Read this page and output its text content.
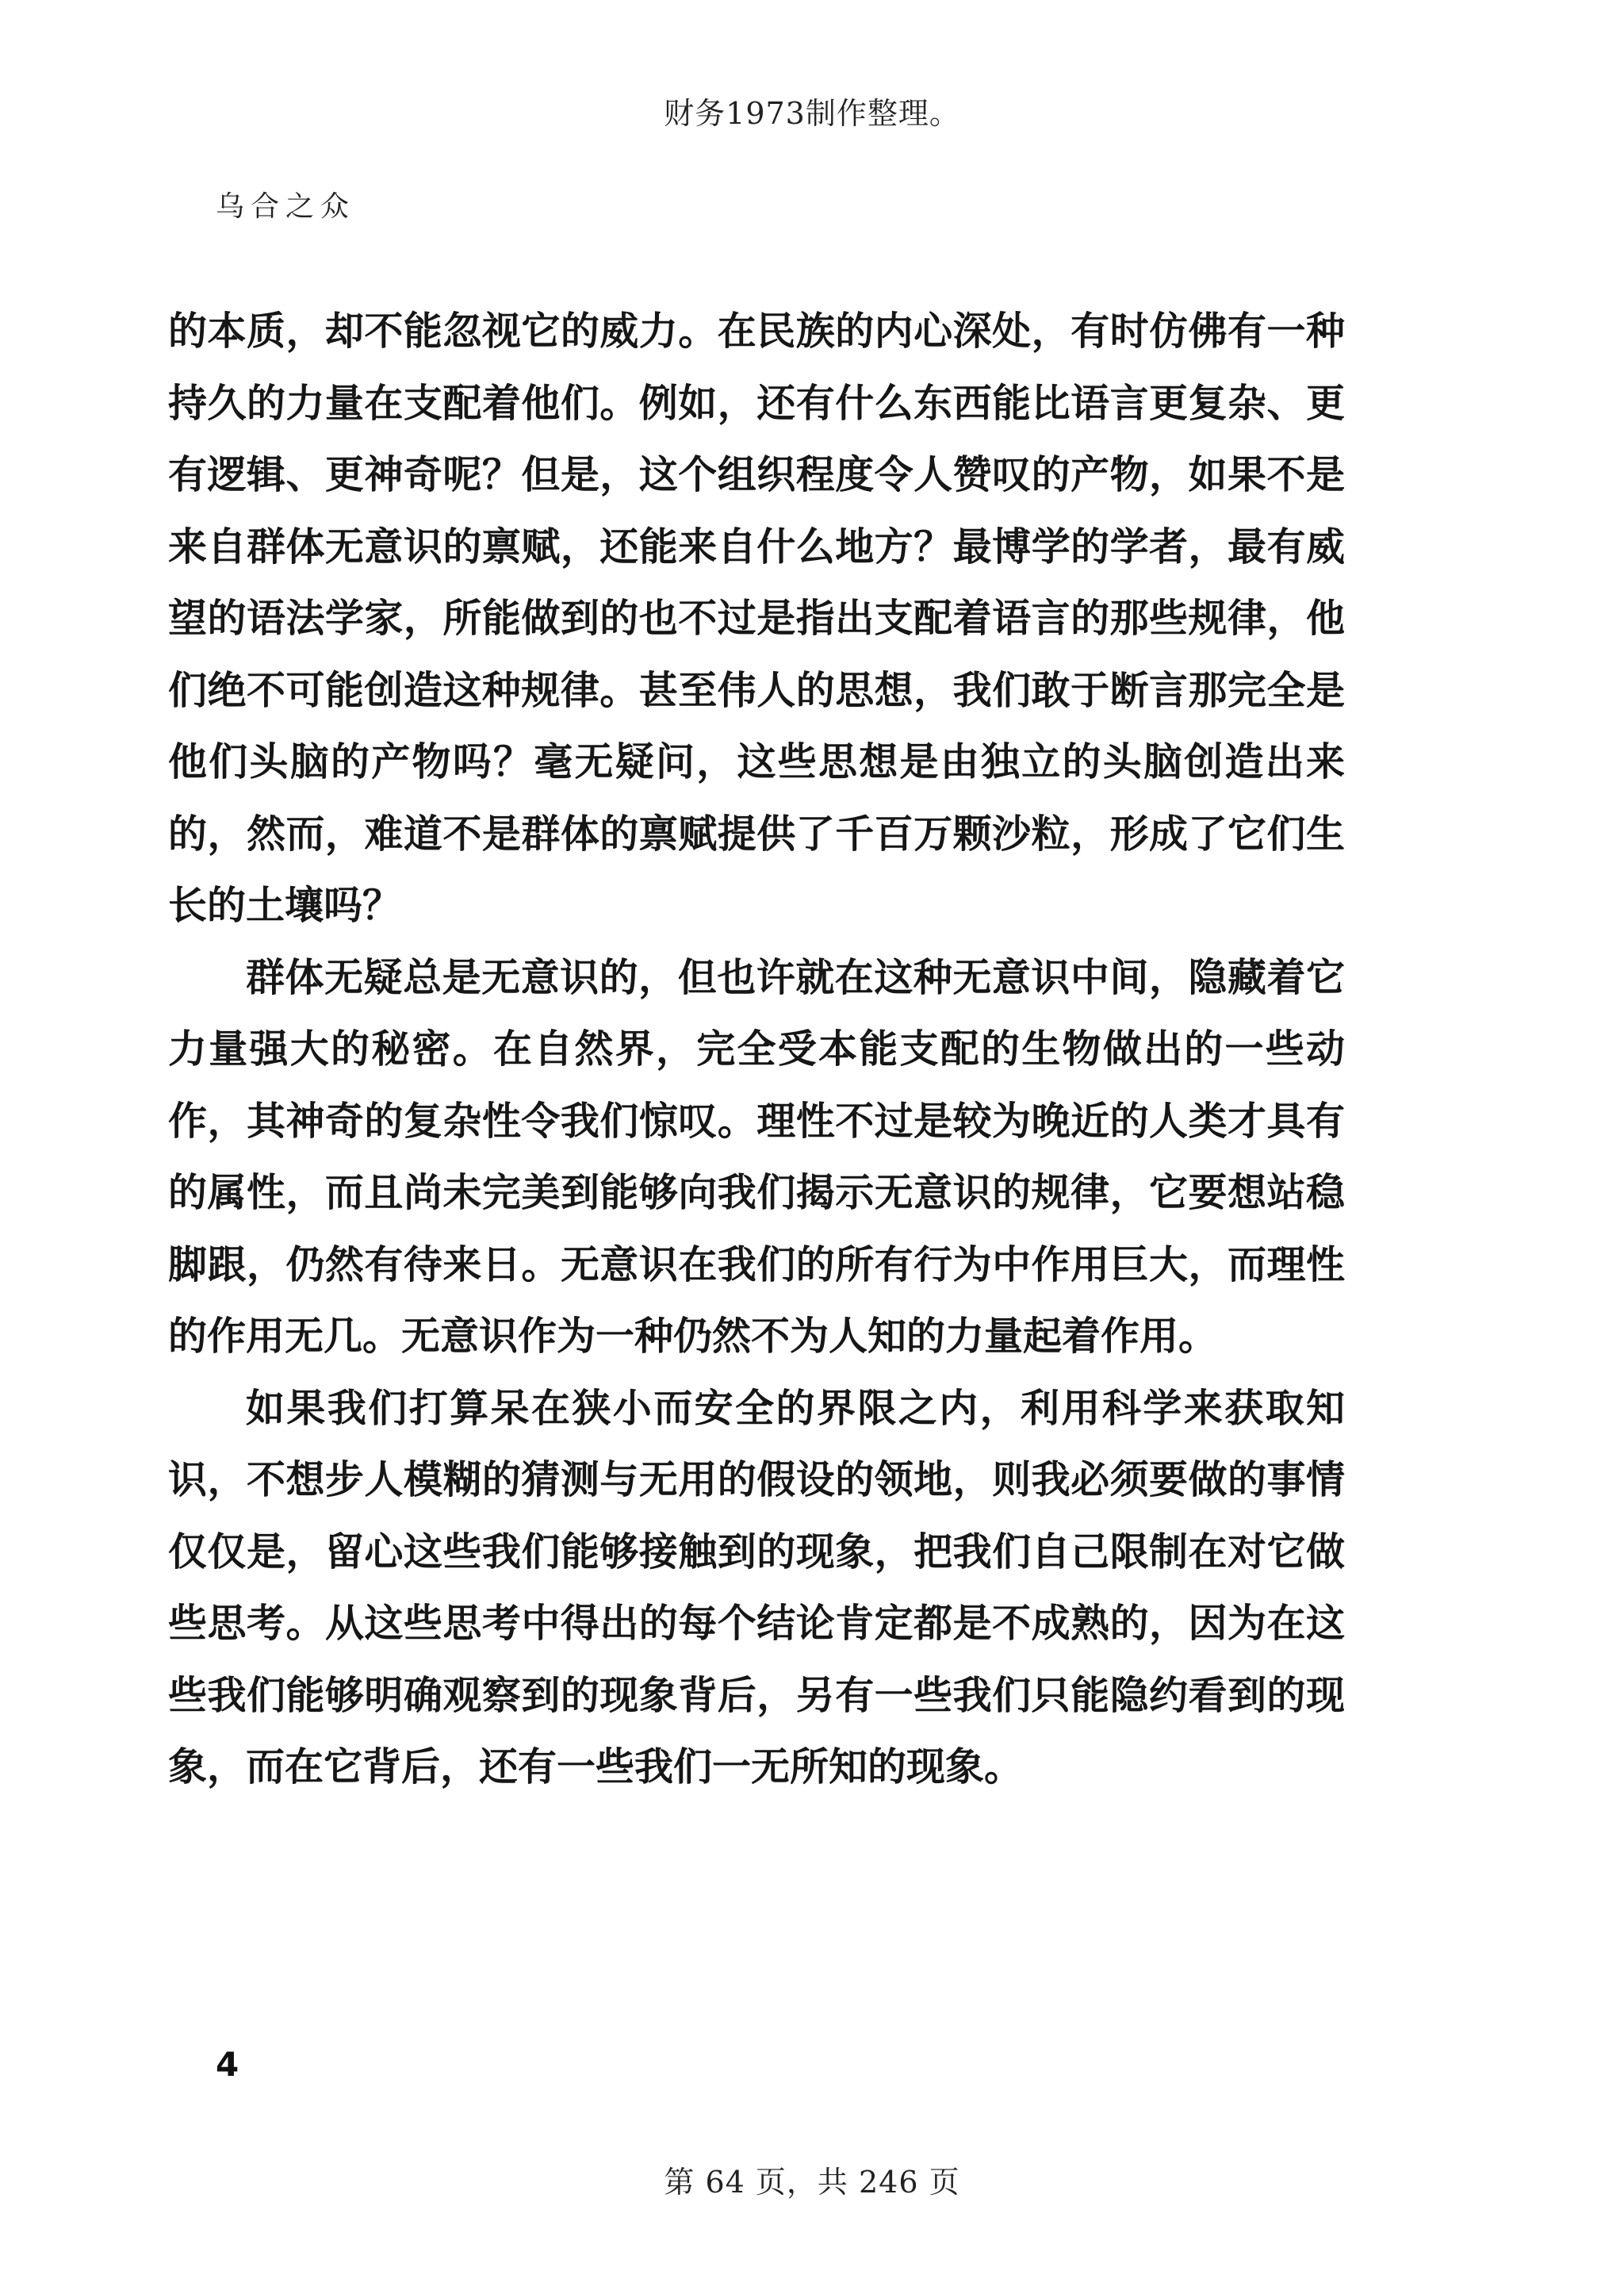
财务1973制作整理。
乌合之众

的本质，却不能忽视它的威力。在民族的内心深处，有时仿佛有一种持久的力量在支配着他们。例如，还有什么东西能比语言更复杂、更有逻辑、更神奇呢？但是，这个组织程度令人赞叹的产物，如果不是来自群体无意识的禀赋，还能来自什么地方？最博学的学者，最有威望的语法学家，所能做到的也不过是指出支配着语言的那些规律，他们绝不可能创造这种规律。甚至伟人的思想，我们敢于断言那完全是他们头脑的产物吗？毫无疑问，这些思想是由独立的头脑创造出来的，然而，难道不是群体的禀赋提供了千百万颗沙粒，形成了它们生长的土壤吗？

群体无疑总是无意识的，但也许就在这种无意识中间，隐藏着它力量强大的秘密。在自然界，完全受本能支配的生物做出的一些动作，其神奇的复杂性令我们惊叹。理性不过是较为晚近的人类才具有的属性，而且尚未完美到能够向我们揭示无意识的规律，它要想站稳脚跟，仍然有待来日。无意识在我们的所有行为中作用巨大，而理性的作用无几。无意识作为一种仍然不为人知的力量起着作用。

如果我们打算呆在狭小而安全的界限之内，利用科学来获取知识，不想步人模糊的猜测与无用的假设的领地，则我必须要做的事情仅仅是，留心这些我们能够接触到的现象，把我们自己限制在对它做些思考。从这些思考中得出的每个结论肯定都是不成熟的，因为在这些我们能够明确观察到的现象背后，另有一些我们只能隐约看到的现象，而在它背后，还有一些我们一无所知的现象。

4
第 64 页，共 246 页
